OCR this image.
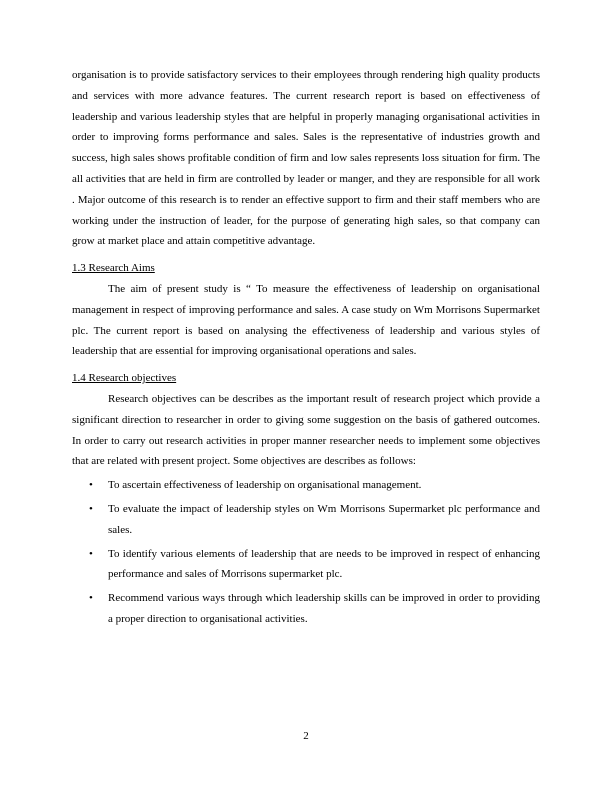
organisation is to provide satisfactory services to their employees through rendering high quality products and services with more advance features. The current research report is based on effectiveness of leadership and various leadership styles that are helpful in properly managing organisational activities in order to improving forms performance and sales. Sales is the representative of industries growth and success, high sales shows profitable condition of firm and low sales represents loss situation for firm. The all activities that are held in firm are controlled by leader or manger, and they are responsible for all work . Major outcome of this research is to render an effective support to firm and their staff members who are working under the instruction of leader, for the purpose of generating high sales, so that company can grow at market place and attain competitive advantage.

1.3 Research Aims

The aim of present study is “ To measure the effectiveness of leadership on organisational management in respect of improving performance and sales. A case study on Wm Morrisons Supermarket plc. The current report is based on analysing the effectiveness of leadership and various styles of leadership that are essential for improving organisational operations and sales.

1.4 Research objectives

Research objectives can be describes as the important result of research project which provide a significant direction to researcher in order to giving some suggestion on the basis of gathered outcomes. In order to carry out research activities in proper manner researcher needs to implement some objectives that are related with present project. Some objectives are describes as follows:

• To ascertain effectiveness of leadership on organisational management.

• To evaluate the impact of leadership styles on Wm Morrisons Supermarket plc performance and sales.

• To identify various elements of leadership that are needs to be improved in respect of enhancing performance and sales of Morrisons supermarket plc.

• Recommend various ways through which leadership skills can be improved in order to providing a proper direction to organisational activities.

2
